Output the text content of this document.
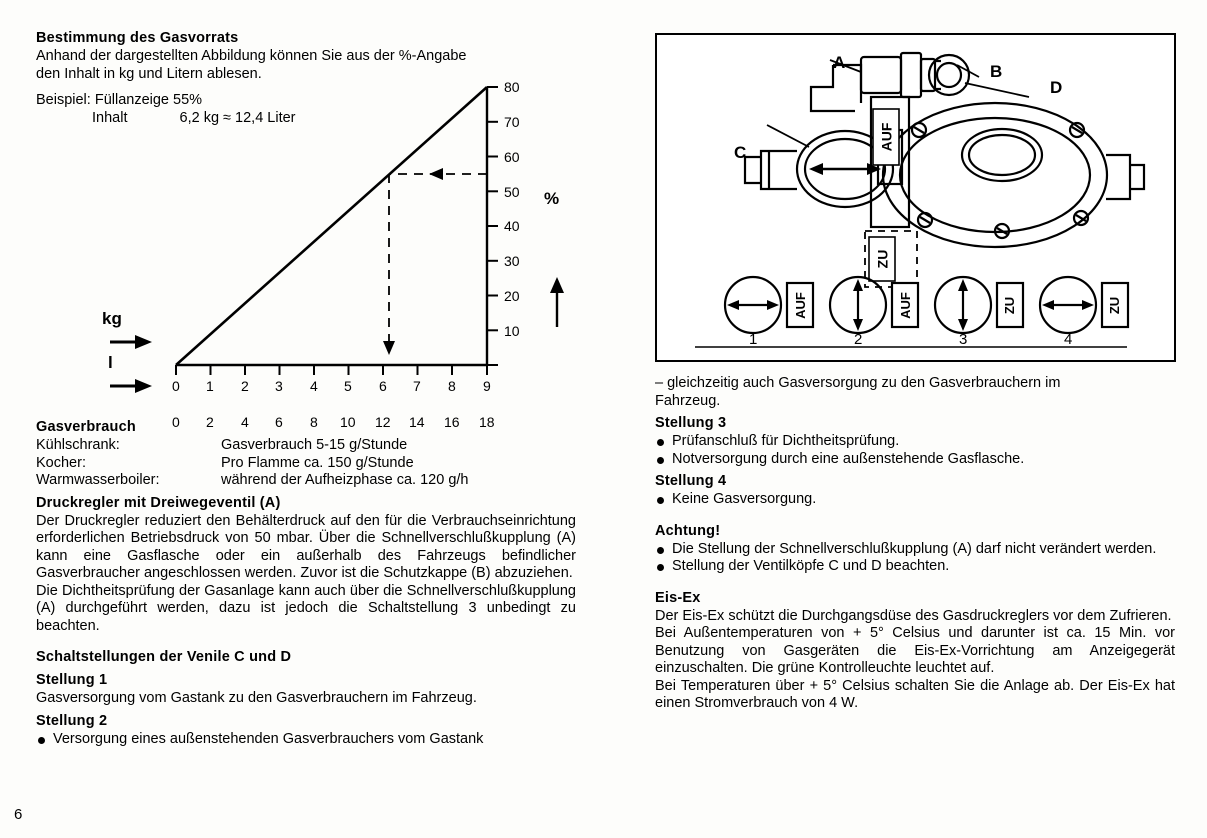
Bestimmung des Gasvorrats

Anhand der dargestellten Abbildung können Sie aus der %-Angabe

den Inhalt in kg und Litern ablesen.

Beispiel: Füllanzeige 55%
Inhalt	6,2 kg ≈ 12,4 Liter
80
70
60
50
40
30
20
10
%
kg
l
0 1 2 3 4 5 6 7 8 9
0 2 4 6 8 10 12 14 16 18
Gasverbrauch
Kühlschrank:	Gasverbrauch 5-15 g/Stunde
Kocher:	Pro Flamme ca. 150 g/Stunde
Warmwasserboiler:	während der Aufheizphase ca. 120 g/h
Druckregler mit Dreiwegeventil (A)

Der Druckregler reduziert den Behälterdruck auf den für die Verbrauchseinrichtung erforderlichen Betriebsdruck von 50 mbar. Über die Schnellverschlußkupplung (A) kann eine Gasflasche oder ein außerhalb des Fahrzeugs befindlicher Gasverbraucher angeschlossen werden. Zuvor ist die Schutzkappe (B) abzuziehen.

Die Dichtheitsprüfung der Gasanlage kann auch über die Schnellverschlußkupplung (A) durchgeführt werden, dazu ist jedoch die Schaltstellung 3 unbedingt zu beachten.

Schaltstellungen der Venile C und D
Stellung 1

Gasversorgung vom Gastank zu den Gasverbrauchern im Fahrzeug.

Stellung 2

Versorgung eines außenstehenden Gasverbrauchers vom Gastank

A	B
D
C
AUF
ZU
AUF	AUF	ZU	ZU
1	2	3	4

– gleichzeitig auch Gasversorgung zu den Gasverbrauchern im

Fahrzeug.

Stellung 3

Prüfanschluß für Dichtheitsprüfung.

Notversorgung durch eine außenstehende Gasflasche.

Stellung 4

Keine Gasversorgung.

Achtung!

Die Stellung der Schnellverschlußkupplung (A) darf nicht verändert werden.

Stellung der Ventilköpfe C und D beachten.

Eis-Ex

Der Eis-Ex schützt die Durchgangsdüse des Gasdruckreglers vor dem Zufrieren.

Bei Außentemperaturen von + 5° Celsius und darunter ist ca. 15 Min. vor Benutzung von Gasgeräten die Eis-Ex-Vorrichtung am Anzeigegerät einzuschalten. Die grüne Kontrolleuchte leuchtet auf.

Bei Temperaturen über + 5° Celsius schalten Sie die Anlage ab. Der Eis-Ex hat einen Stromverbrauch von 4 W.

6
